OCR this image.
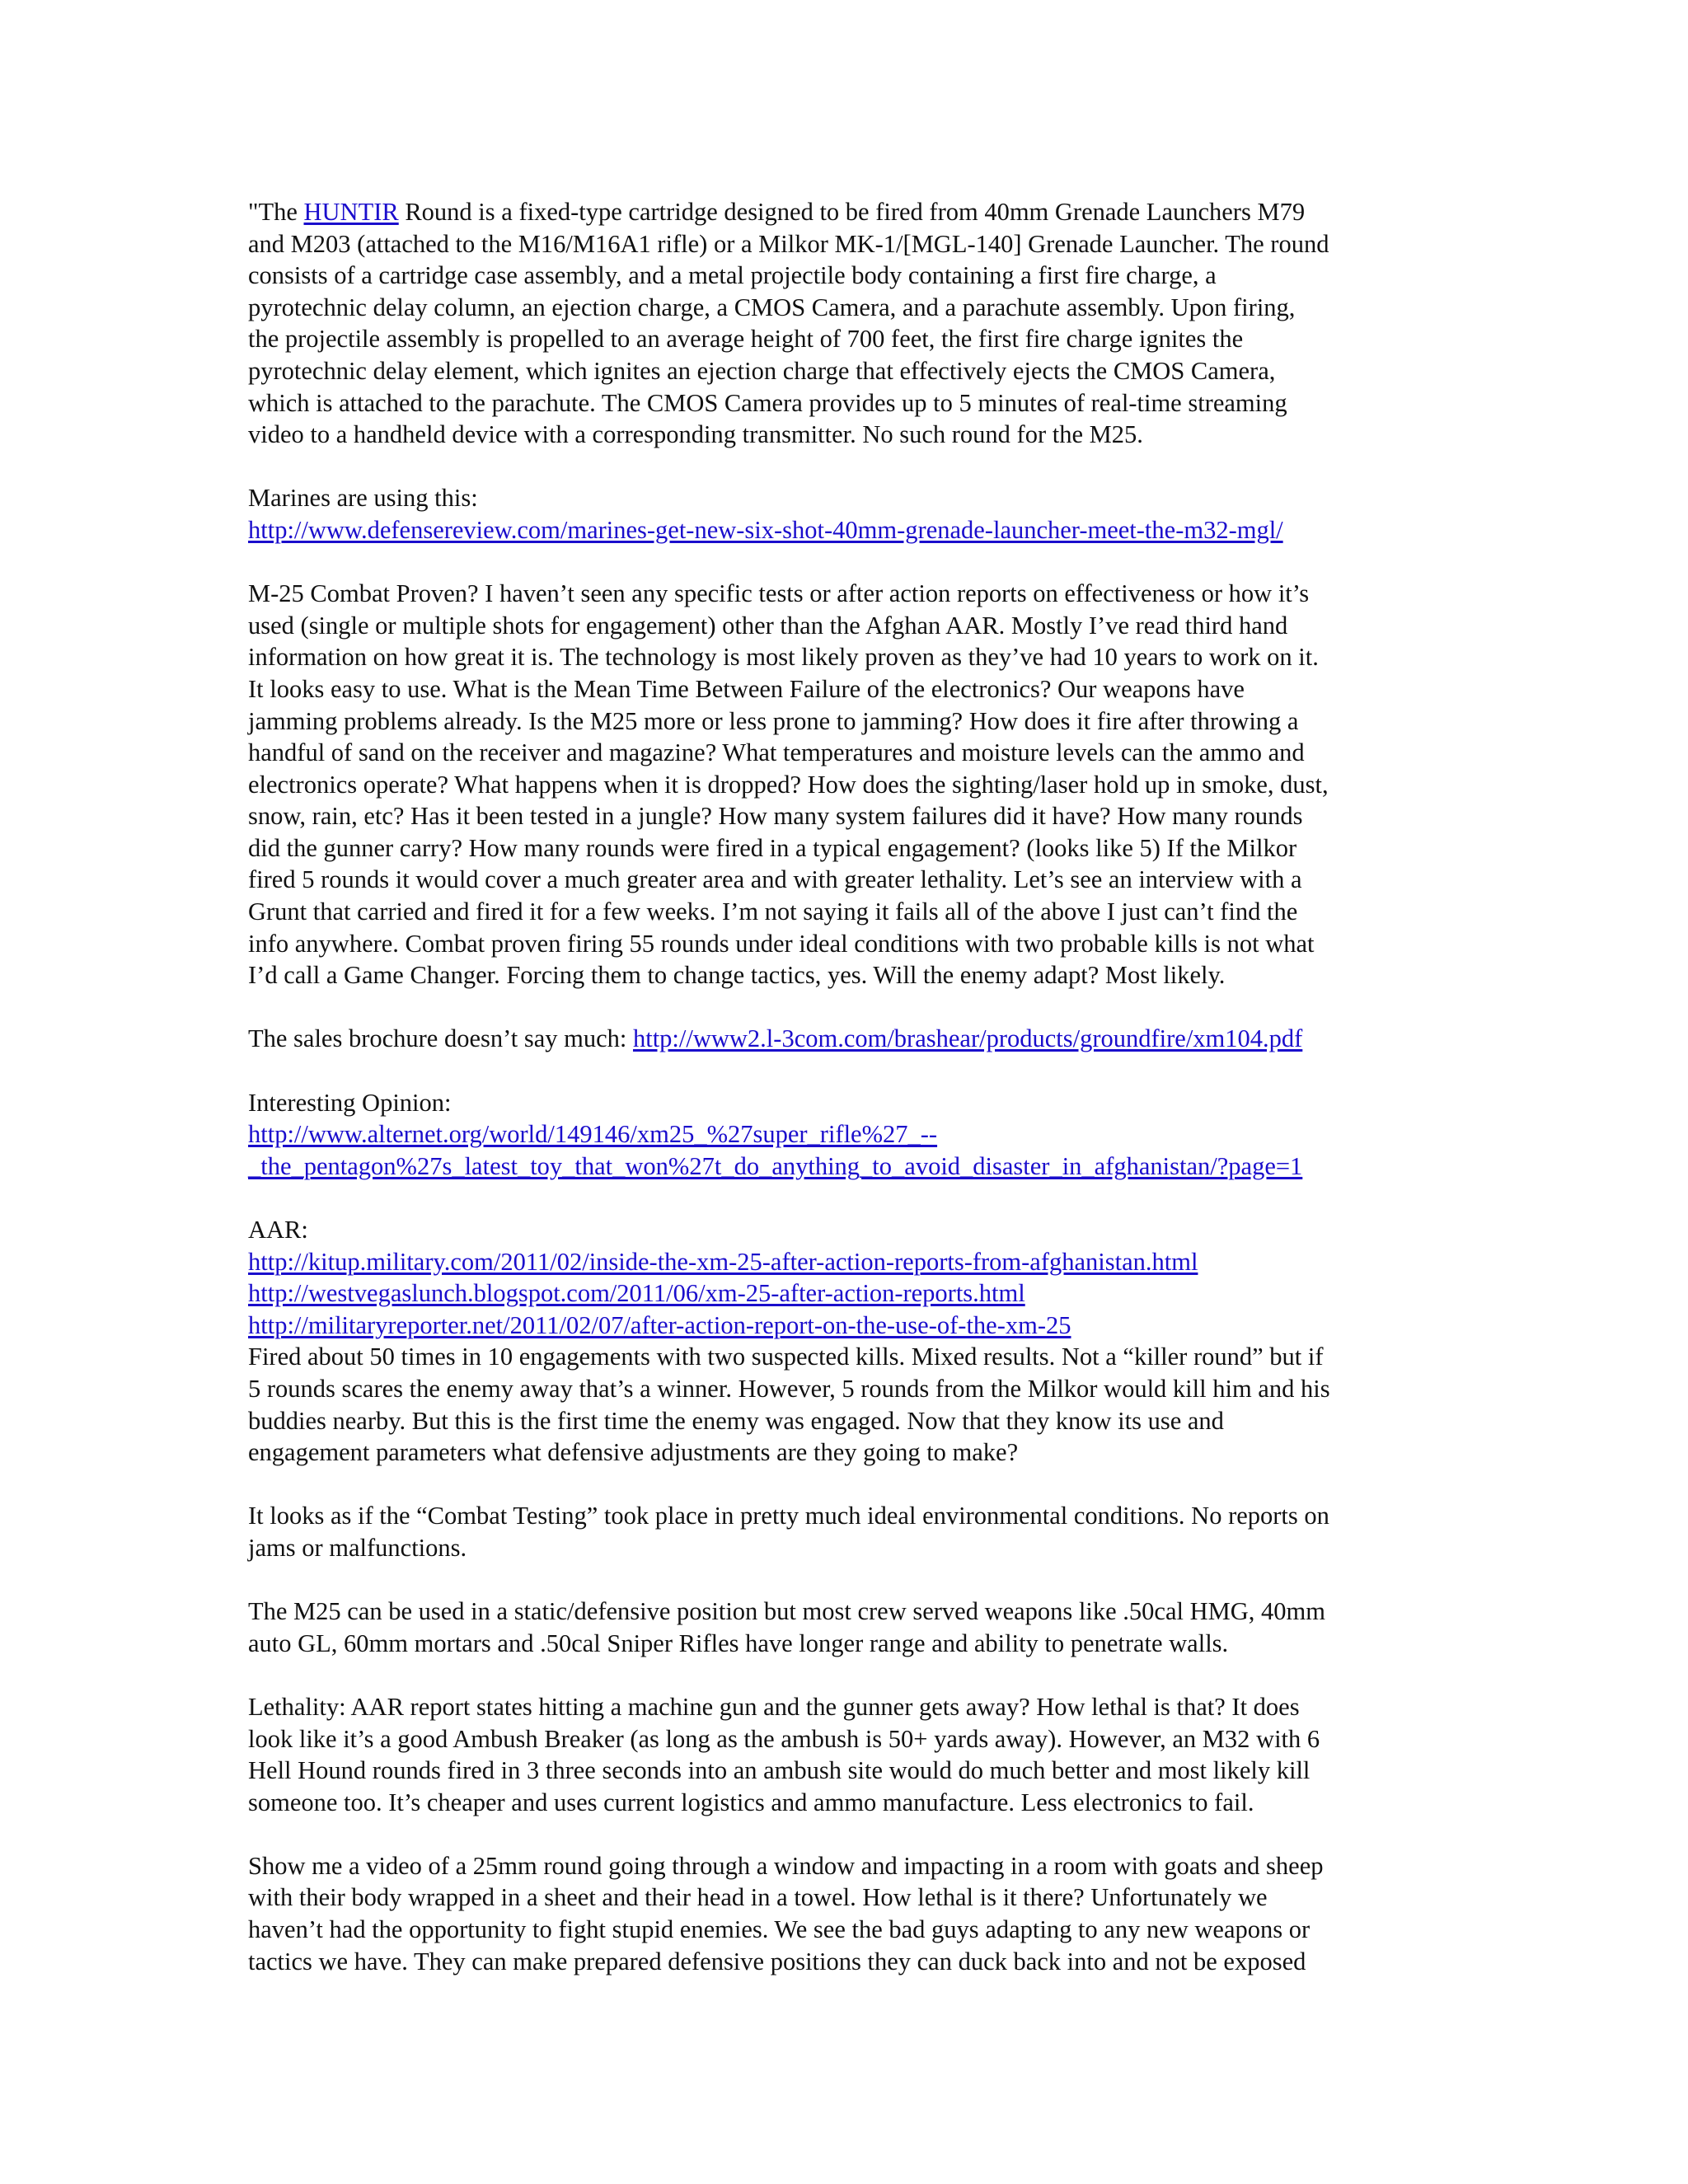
"The HUNTIR Round is a fixed-type cartridge designed to be fired from 40mm Grenade Launchers M79
and M203 (attached to the M16/M16A1 rifle) or a Milkor MK-1/[MGL-140] Grenade Launcher. The round
consists of a cartridge case assembly, and a metal projectile body containing a first fire charge, a
pyrotechnic delay column, an ejection charge, a CMOS Camera, and a parachute assembly. Upon firing,
the projectile assembly is propelled to an average height of 700 feet, the first fire charge ignites the
pyrotechnic delay element, which ignites an ejection charge that effectively ejects the CMOS Camera,
which is attached to the parachute. The CMOS Camera provides up to 5 minutes of real-time streaming
video to a handheld device with a corresponding transmitter. No such round for the M25.
Marines are using this:
http://www.defensereview.com/marines-get-new-six-shot-40mm-grenade-launcher-meet-the-m32-mgl/
M-25 Combat Proven? I haven’t seen any specific tests or after action reports on effectiveness or how it’s
used (single or multiple shots for engagement) other than the Afghan AAR. Mostly I’ve read third hand
information on how great it is. The technology is most likely proven as they’ve had 10 years to work on it.
It looks easy to use. What is the Mean Time Between Failure of the electronics? Our weapons have
jamming problems already. Is the M25 more or less prone to jamming? How does it fire after throwing a
handful of sand on the receiver and magazine? What temperatures and moisture levels can the ammo and
electronics operate? What happens when it is dropped? How does the sighting/laser hold up in smoke, dust,
snow, rain, etc? Has it been tested in a jungle? How many system failures did it have? How many rounds
did the gunner carry? How many rounds were fired in a typical engagement? (looks like 5) If the Milkor
fired 5 rounds it would cover a much greater area and with greater lethality. Let’s see an interview with a
Grunt that carried and fired it for a few weeks. I’m not saying it fails all of the above I just can’t find the
info anywhere. Combat proven firing 55 rounds under ideal conditions with two probable kills is not what
I’d call a Game Changer. Forcing them to change tactics, yes. Will the enemy adapt? Most likely.
The sales brochure doesn’t say much: http://www2.l-3com.com/brashear/products/groundfire/xm104.pdf
Interesting Opinion:
http://www.alternet.org/world/149146/xm25_%27super_rifle%27_--
_the_pentagon%27s_latest_toy_that_won%27t_do_anything_to_avoid_disaster_in_afghanistan/?page=1
AAR:
http://kitup.military.com/2011/02/inside-the-xm-25-after-action-reports-from-afghanistan.html
http://westvegaslunch.blogspot.com/2011/06/xm-25-after-action-reports.html
http://militaryreporter.net/2011/02/07/after-action-report-on-the-use-of-the-xm-25
Fired about 50 times in 10 engagements with two suspected kills. Mixed results. Not a “killer round” but if
5 rounds scares the enemy away that’s a winner. However, 5 rounds from the Milkor would kill him and his
buddies nearby. But this is the first time the enemy was engaged. Now that they know its use and
engagement parameters what defensive adjustments are they going to make?
It looks as if the “Combat Testing” took place in pretty much ideal environmental conditions. No reports on
jams or malfunctions.
The M25 can be used in a static/defensive position but most crew served weapons like .50cal HMG, 40mm
auto GL, 60mm mortars and .50cal Sniper Rifles have longer range and ability to penetrate walls.
Lethality: AAR report states hitting a machine gun and the gunner gets away? How lethal is that? It does
look like it’s a good Ambush Breaker (as long as the ambush is 50+ yards away). However, an M32 with 6
Hell Hound rounds fired in 3 three seconds into an ambush site would do much better and most likely kill
someone too. It’s cheaper and uses current logistics and ammo manufacture. Less electronics to fail.
Show me a video of a 25mm round going through a window and impacting in a room with goats and sheep
with their body wrapped in a sheet and their head in a towel. How lethal is it there? Unfortunately we
haven’t had the opportunity to fight stupid enemies. We see the bad guys adapting to any new weapons or
tactics we have. They can make prepared defensive positions they can duck back into and not be exposed
